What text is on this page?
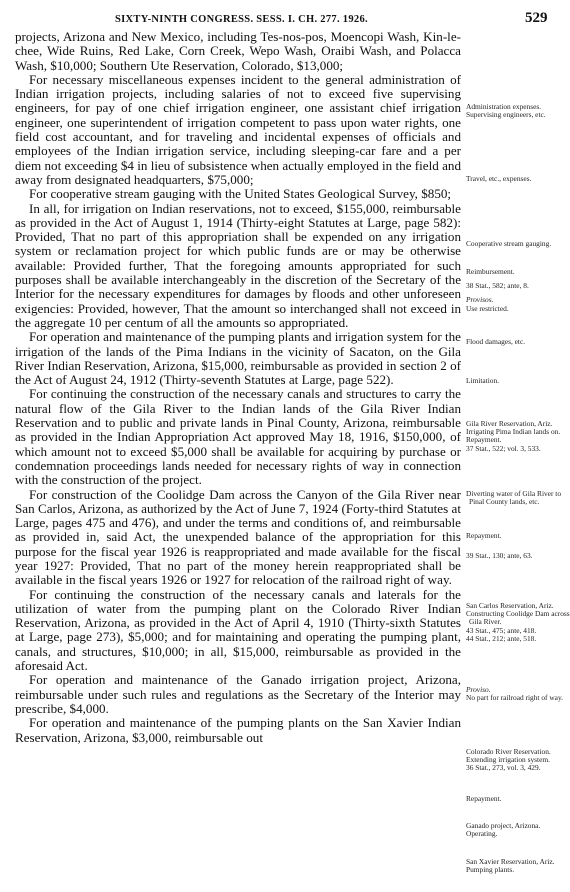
SIXTY-NINTH CONGRESS. SESS. I. CH. 277. 1926.	529

projects, Arizona and New Mexico, including Tes-nos-pos, Moencopi Wash, Kin-le-chee, Wide Ruins, Red Lake, Corn Creek, Wepo Wash, Oraibi Wash, and Polacca Wash, $10,000; Southern Ute Reservation, Colorado, $13,000;

For necessary miscellaneous expenses incident to the general administration of Indian irrigation projects, including salaries of not to exceed five supervising engineers, for pay of one chief irrigation engineer, one assistant chief irrigation engineer, one superintendent of irrigation competent to pass upon water rights, one field cost accountant, and for traveling and incidental expenses of officials and employees of the Indian irrigation service, including sleeping-car fare and a per diem not exceeding $4 in lieu of subsistence when actually employed in the field and away from designated headquarters, $75,000;

For cooperative stream gauging with the United States Geological Survey, $850;

In all, for irrigation on Indian reservations, not to exceed, $155,000, reimbursable as provided in the Act of August 1, 1914 (Thirty-eight Statutes at Large, page 582): Provided, That no part of this appropriation shall be expended on any irrigation system or reclamation project for which public funds are or may be otherwise available: Provided further, That the foregoing amounts appropriated for such purposes shall be available interchangeably in the discretion of the Secretary of the Interior for the necessary expenditures for damages by floods and other unforeseen exigencies: Provided, however, That the amount so interchanged shall not exceed in the aggregate 10 per centum of all the amounts so appropriated.

For operation and maintenance of the pumping plants and irrigation system for the irrigation of the lands of the Pima Indians in the vicinity of Sacaton, on the Gila River Indian Reservation, Arizona, $15,000, reimbursable as provided in section 2 of the Act of August 24, 1912 (Thirty-seventh Statutes at Large, page 522).

For continuing the construction of the necessary canals and structures to carry the natural flow of the Gila River to the Indian lands of the Gila River Indian Reservation and to public and private lands in Pinal County, Arizona, reimbursable as provided in the Indian Appropriation Act approved May 18, 1916, $150,000, of which amount not to exceed $5,000 shall be available for acquiring by purchase or condemnation proceedings lands needed for necessary rights of way in connection with the construction of the project.

For construction of the Coolidge Dam across the Canyon of the Gila River near San Carlos, Arizona, as authorized by the Act of June 7, 1924 (Forty-third Statutes at Large, pages 475 and 476), and under the terms and conditions of, and reimbursable as provided in, said Act, the unexpended balance of the appropriation for this purpose for the fiscal year 1926 is reappropriated and made available for the fiscal year 1927: Provided, That no part of the money herein reappropriated shall be available in the fiscal years 1926 or 1927 for relocation of the railroad right of way.

For continuing the construction of the necessary canals and laterals for the utilization of water from the pumping plant on the Colorado River Indian Reservation, Arizona, as provided in the Act of April 4, 1910 (Thirty-sixth Statutes at Large, page 273), $5,000; and for maintaining and operating the pumping plant, canals, and structures, $10,000; in all, $15,000, reimbursable as provided in the aforesaid Act.

For operation and maintenance of the Ganado irrigation project, Arizona, reimbursable under such rules and regulations as the Secretary of the Interior may prescribe, $4,000.

For operation and maintenance of the pumping plants on the San Xavier Indian Reservation, Arizona, $3,000, reimbursable out

Administration expenses.
Supervising engineers, etc.
Travel, etc., expenses.
Cooperative stream gauging.
Reimbursement.
38 Stat., 582; ante, 8.
Provisos.
Use restricted.
Flood damages, etc.
Limitation.
Gila River Reservation, Ariz.
Irrigating Pima Indian lands on.
Repayment.
37 Stat., 522; vol. 3, 533.
Diverting water of Gila River to Pinal County lands, etc.
Repayment.
39 Stat., 130; ante, 63.
San Carlos Reservation, Ariz.
Constructing Coolidge Dam across Gila River.
43 Stat., 475; ante, 418.
44 Stat., 212; ante, 518.
Proviso.
No part for railroad right of way.
Colorado River Reservation.
Extending irrigation system.
36 Stat., 273, vol. 3, 429.
Repayment.
Ganado project, Arizona.
Operating.
San Xavier Reservation, Ariz.
Pumping plants.
